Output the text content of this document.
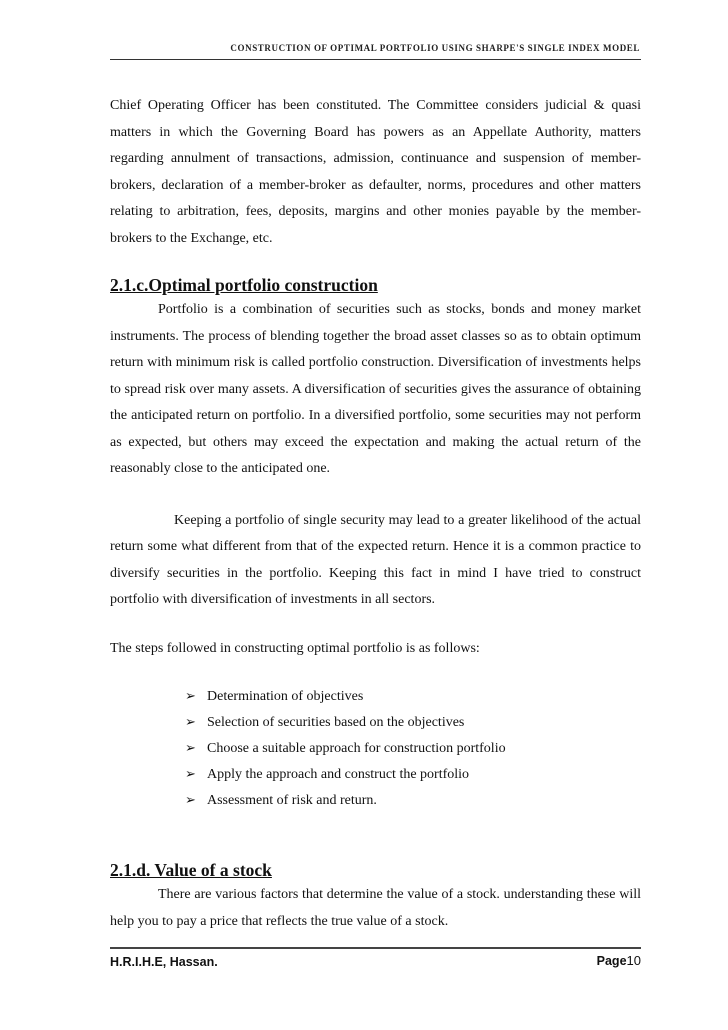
CONSTRUCTION OF OPTIMAL PORTFOLIO USING SHARPE'S SINGLE INDEX MODEL

Chief Operating Officer has been constituted. The Committee considers judicial & quasi matters in which the Governing Board has powers as an Appellate Authority, matters regarding annulment of transactions, admission, continuance and suspension of member-brokers, declaration of a member-broker as defaulter, norms, procedures and other matters relating to arbitration, fees, deposits, margins and other monies payable by the member-brokers to the Exchange, etc.

2.1.c.Optimal portfolio construction

Portfolio is a combination of securities such as stocks, bonds and money market instruments. The process of blending together the broad asset classes so as to obtain optimum return with minimum risk is called portfolio construction. Diversification of investments helps to spread risk over many assets. A diversification of securities gives the assurance of obtaining the anticipated return on portfolio. In a diversified portfolio, some securities may not perform as expected, but others may exceed the expectation and making the actual return of the reasonably close to the anticipated one.

Keeping a portfolio of single security may lead to a greater likelihood of the actual return some what different from that of the expected return. Hence it is a common practice to diversify securities in the portfolio. Keeping this fact in mind I have tried to construct portfolio with diversification of investments in all sectors.

The steps followed in constructing optimal portfolio is as follows:

➢ Determination of objectives
➢ Selection of securities based on the objectives
➢ Choose a suitable approach for construction portfolio
➢ Apply the approach and construct the portfolio
➢ Assessment of risk and return.
2.1.d. Value of a stock

There are various factors that determine the value of a stock. understanding these will help you to pay a price that reflects the true value of a stock.

H.R.I.H.E, Hassan.	Page10
